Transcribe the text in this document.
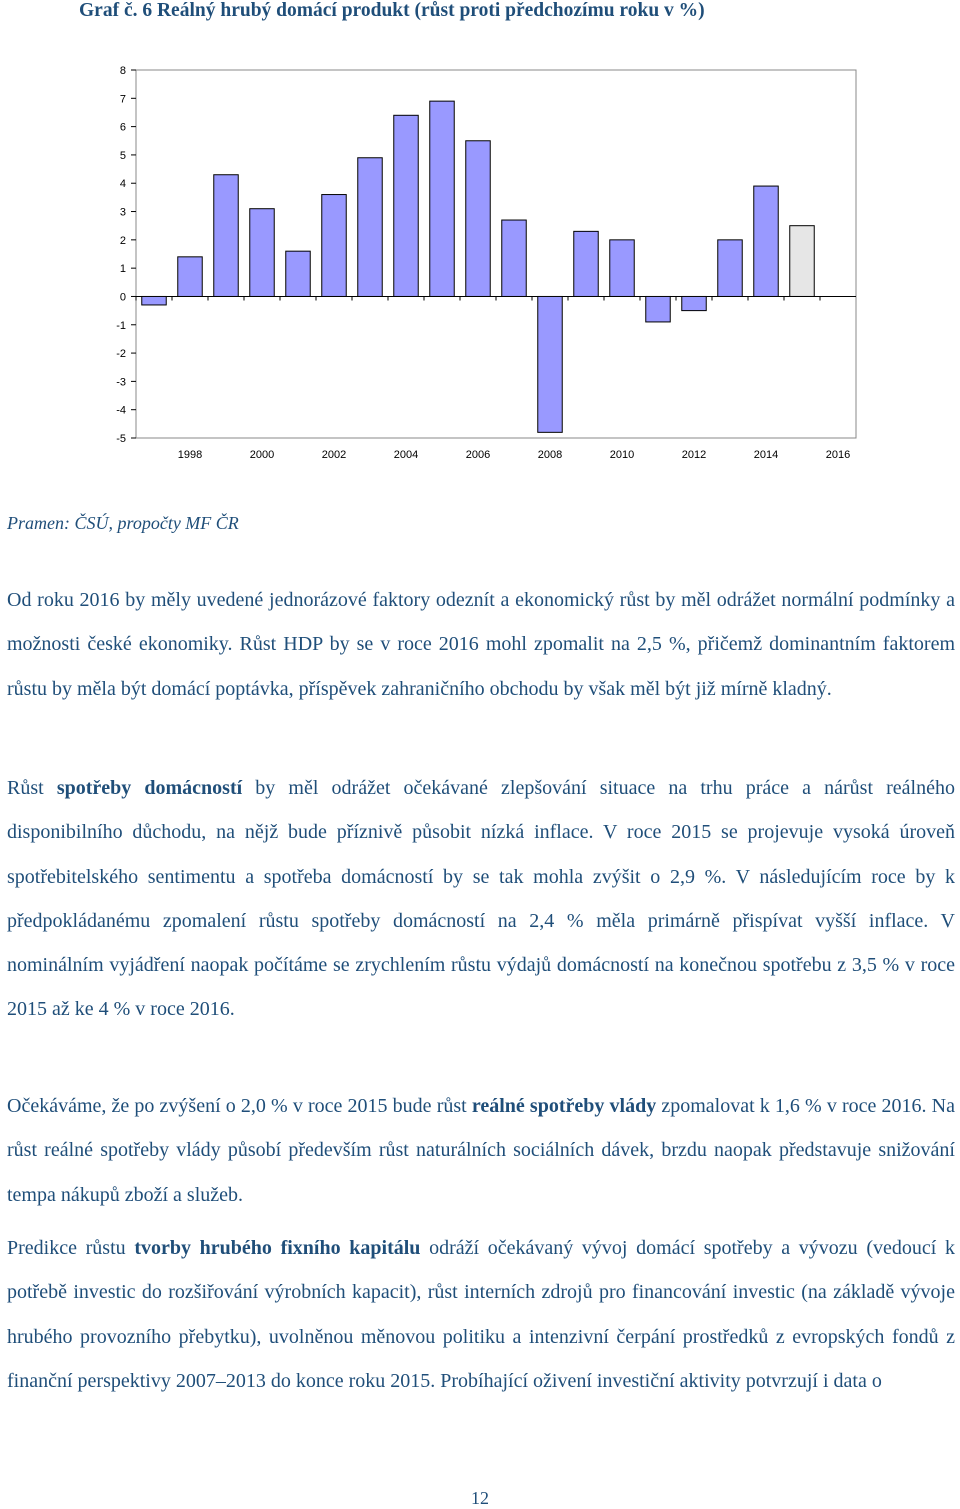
Graf č. 6 Reálný hrubý domácí produkt (růst proti předchozímu roku v %)
8
7
6
5
4
3
2
1
0
-1
-2
-3
-4
-5
1998	2000	2002	2004	2006	2008	2010	2012	2014	2016

Pramen: ČSÚ, propočty MF ČR

Od roku 2016 by měly uvedené jednorázové faktory odeznít a ekonomický růst by měl odrážet normální podmínky a možnosti české ekonomiky. Růst HDP by se v roce 2016 mohl zpomalit na 2,5 %, přičemž dominantním faktorem růstu by měla být domácí poptávka, příspěvek zahraničního obchodu by však měl být již mírně kladný.

Růst spotřeby domácností by měl odrážet očekávané zlepšování situace na trhu práce a nárůst reálného disponibilního důchodu, na nějž bude příznivě působit nízká inflace. V roce 2015 se projevuje vysoká úroveň spotřebitelského sentimentu a spotřeba domácností by se tak mohla zvýšit o 2,9 %. V následujícím roce by k předpokládanému zpomalení růstu spotřeby domácností na 2,4 % měla primárně přispívat vyšší inflace. V nominálním vyjádření naopak počítáme se zrychlením růstu výdajů domácností na konečnou spotřebu z 3,5 % v roce 2015 až ke 4 % v roce 2016.

Očekáváme, že po zvýšení o 2,0 % v roce 2015 bude růst reálné spotřeby vlády zpomalovat k 1,6 % v roce 2016. Na růst reálné spotřeby vlády působí především růst naturálních sociálních dávek, brzdu naopak představuje snižování tempa nákupů zboží a služeb.

Predikce růstu tvorby hrubého fixního kapitálu odráží očekávaný vývoj domácí spotřeby a vývozu (vedoucí k potřebě investic do rozšiřování výrobních kapacit), růst interních zdrojů pro financování investic (na základě vývoje hrubého provozního přebytku), uvolněnou měnovou politiku a intenzivní čerpání prostředků z evropských fondů z finanční perspektivy 2007–2013 do konce roku 2015. Probíhající oživení investiční aktivity potvrzují i data o

12
